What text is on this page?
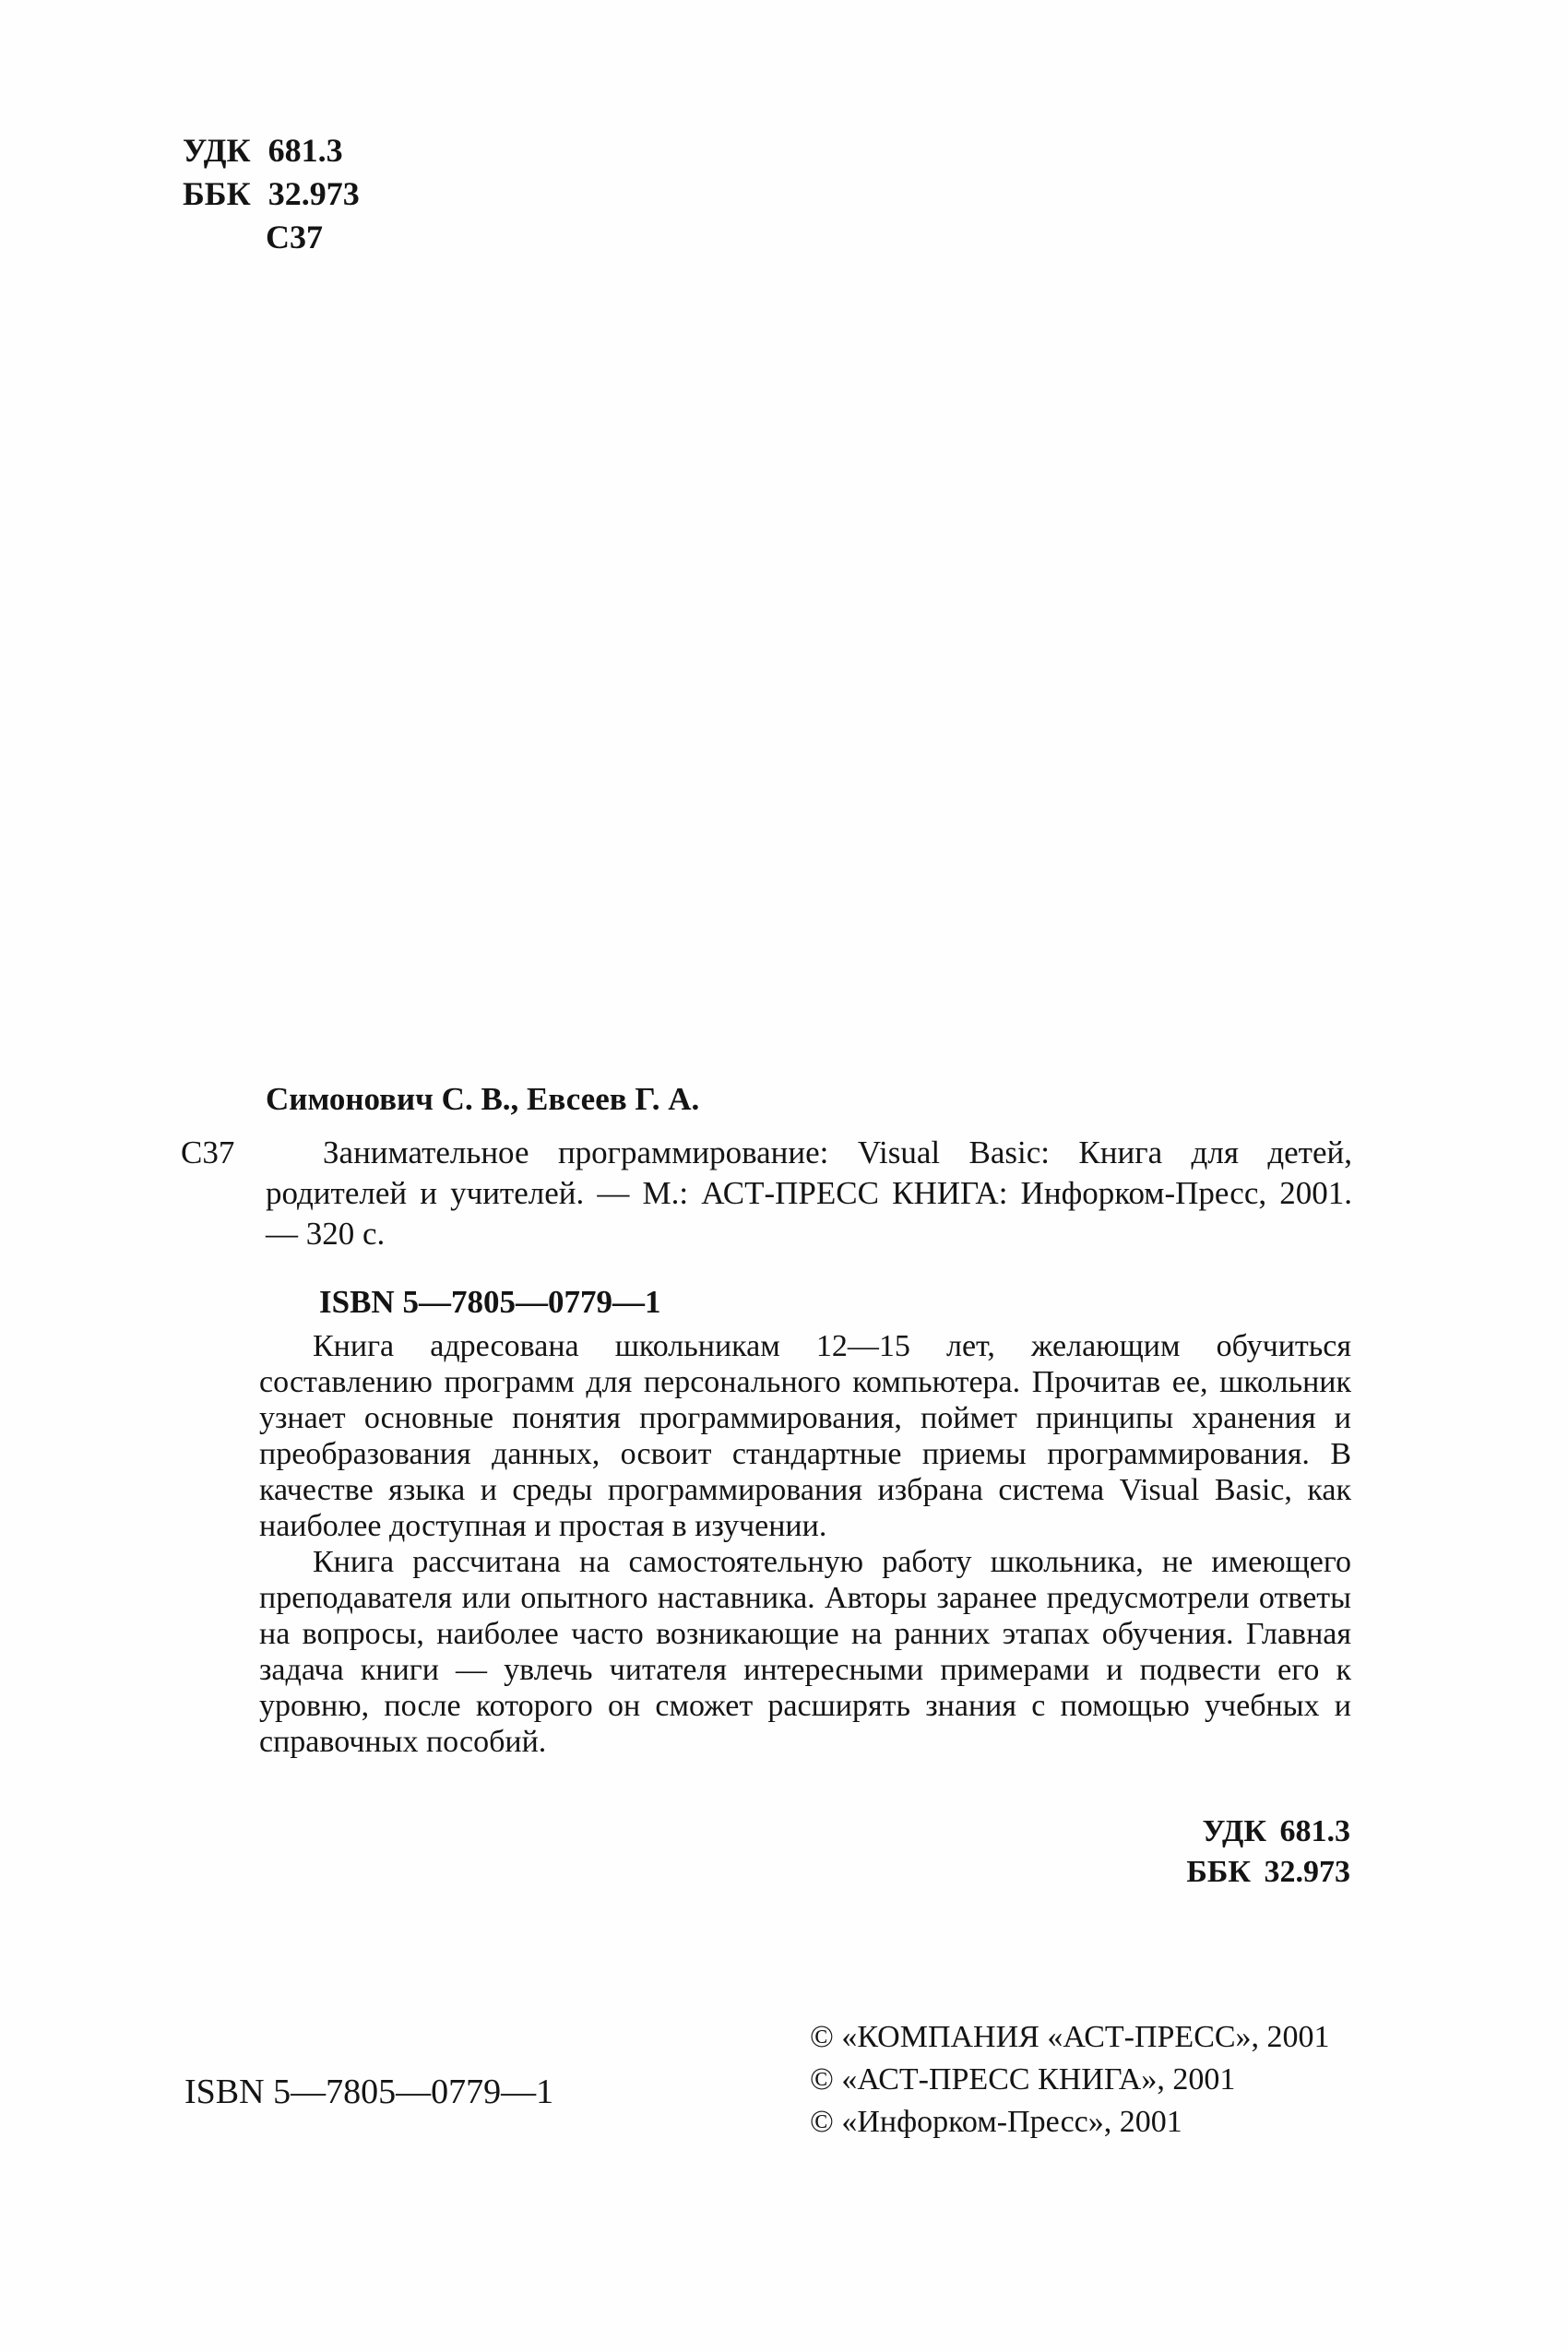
УДК 681.3
ББК 32.973
С37
Симонович С. В., Евсеев Г. А.
С37	Занимательное программирование: Visual Basic: Книга для детей, родителей и учителей. — М.: АСТ-ПРЕСС КНИГА: Инфорком-Пресс, 2001. — 320 с.

ISBN 5—7805—0779—1

Книга адресована школьникам 12—15 лет, желающим обучиться составлению программ для персонального компьютера. Прочитав ее, школьник узнает основные понятия программирования, поймет принципы хранения и преобразования данных, освоит стандартные приемы программирования. В качестве языка и среды программирования избрана система Visual Basic, как наиболее доступная и простая в изучении.

Книга рассчитана на самостоятельную работу школьника, не имеющего преподавателя или опытного наставника. Авторы заранее предусмотрели ответы на вопросы, наиболее часто возникающие на ранних этапах обучения. Главная задача книги — увлечь читателя интересными примерами и подвести его к уровню, после которого он сможет расширять знания с помощью учебных и справочных пособий.

УДК 681.3
ББК 32.973
ISBN 5—7805—0779—1
© «КОМПАНИЯ «АСТ-ПРЕСС», 2001
© «АСТ-ПРЕСС КНИГА», 2001
© «Инфорком-Пресс», 2001
